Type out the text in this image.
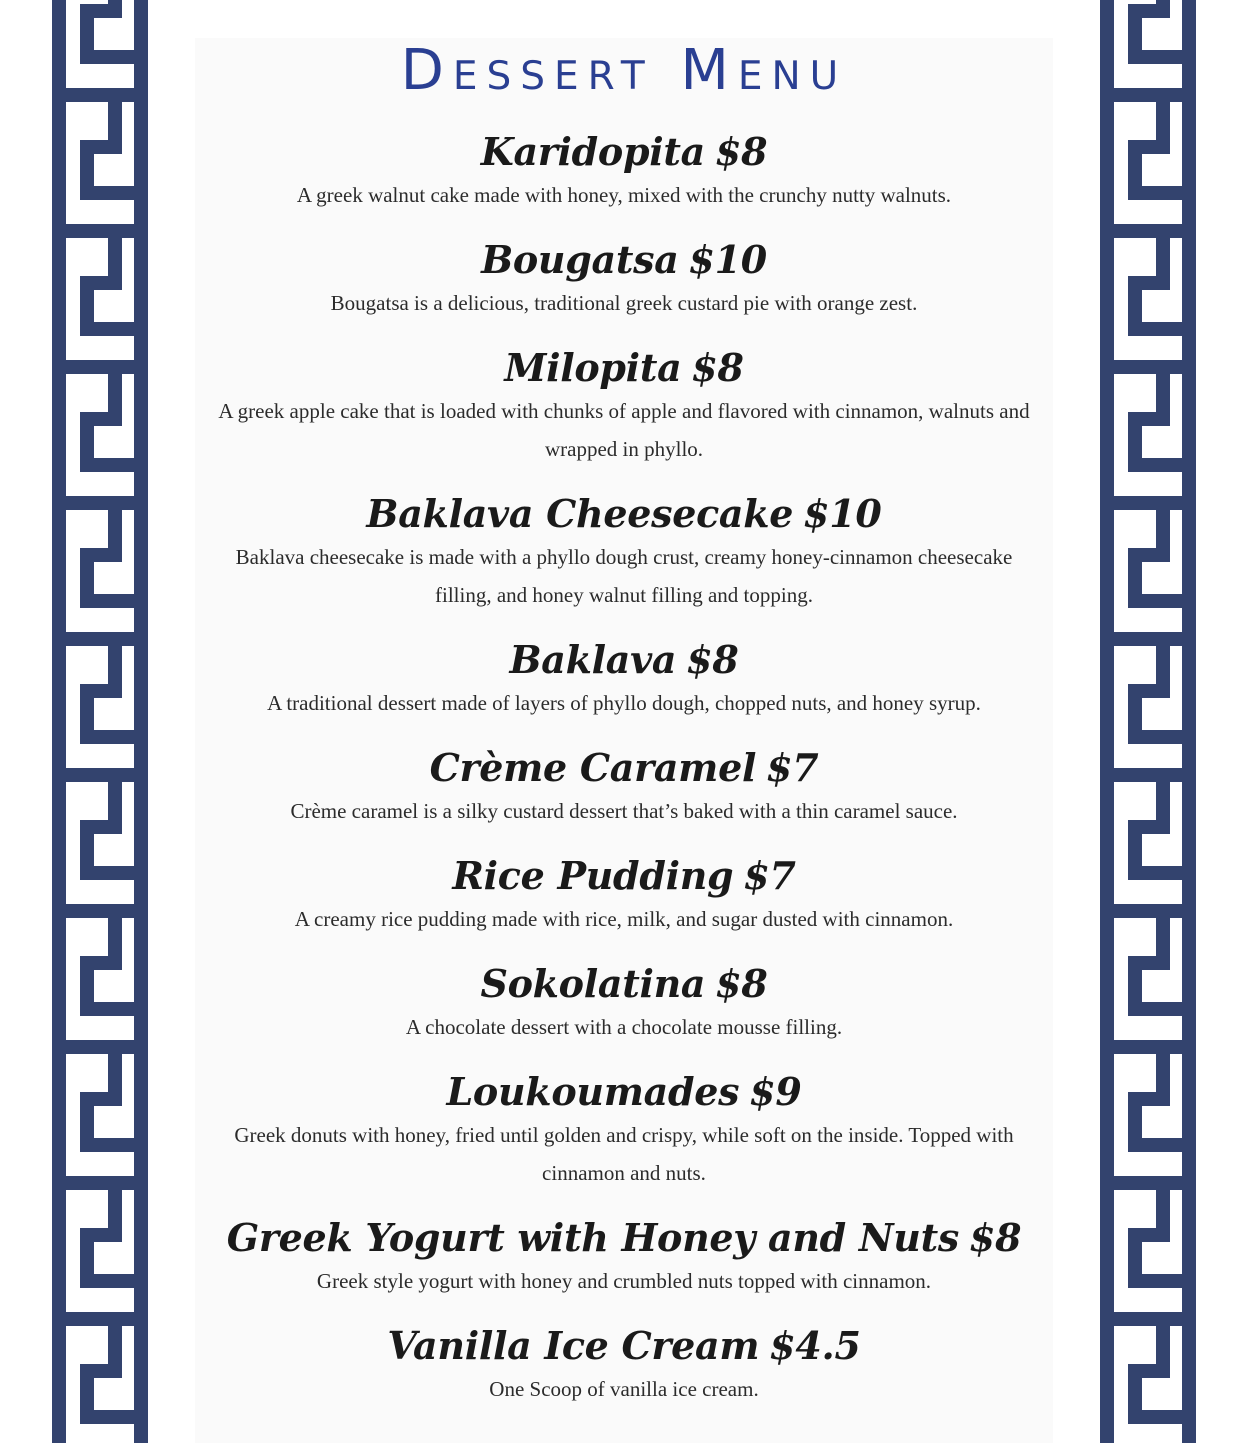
Dessert Menu
Karidopita $8

A greek walnut cake made with honey, mixed with the crunchy nutty walnuts.

Bougatsa $10

Bougatsa is a delicious, traditional greek custard pie with orange zest.

Milopita $8

A greek apple cake that is loaded with chunks of apple and flavored with cinnamon, walnuts and wrapped in phyllo.

Baklava Cheesecake $10

Baklava cheesecake is made with a phyllo dough crust, creamy honey-cinnamon cheesecake filling, and honey walnut filling and topping.

Baklava $8

A traditional dessert made of layers of phyllo dough, chopped nuts, and honey syrup.

Crème Caramel $7

Crème caramel is a silky custard dessert that’s baked with a thin caramel sauce.

Rice Pudding $7

A creamy rice pudding made with rice, milk, and sugar dusted with cinnamon.

Sokolatina $8

A chocolate dessert with a chocolate mousse filling.

Loukoumades $9

Greek donuts with honey, fried until golden and crispy, while soft on the inside. Topped with cinnamon and nuts.

Greek Yogurt with Honey and Nuts $8

Greek style yogurt with honey and crumbled nuts topped with cinnamon.

Vanilla Ice Cream $4.5

One Scoop of vanilla ice cream.
